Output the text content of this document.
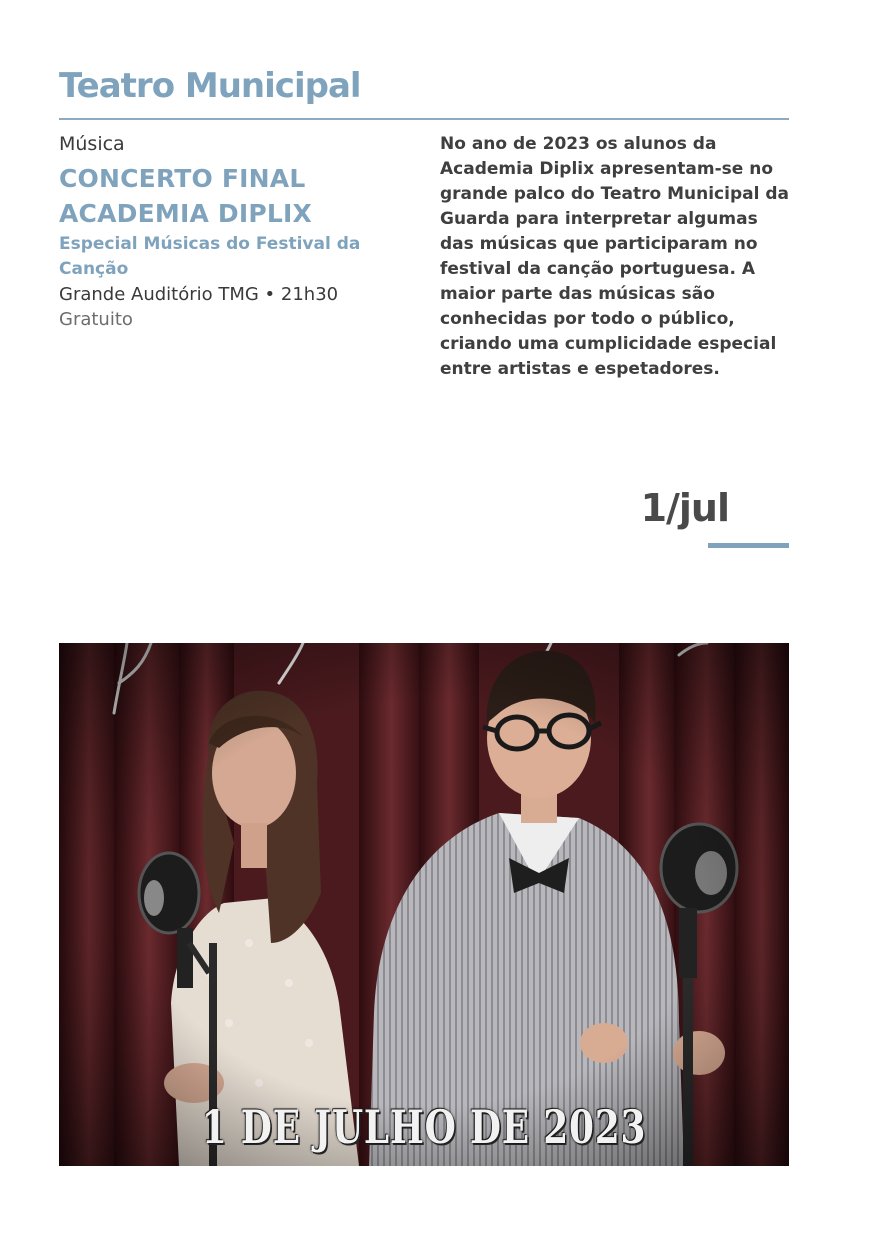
Teatro Municipal
Música
CONCERTO FINAL
ACADEMIA DIPLIX
Especial Músicas do Festival da
Canção
Grande Auditório TMG • 21h30
Gratuito

No ano de 2023 os alunos da Academia Diplix apresentam-se no grande palco do Teatro Municipal da Guarda para interpretar algumas das músicas que participaram no festival da canção portuguesa. A maior parte das músicas são conhecidas por todo o público, criando uma cumplicidade especial entre artistas e espetadores.

1/jul
1 DE JULHO DE 2023
